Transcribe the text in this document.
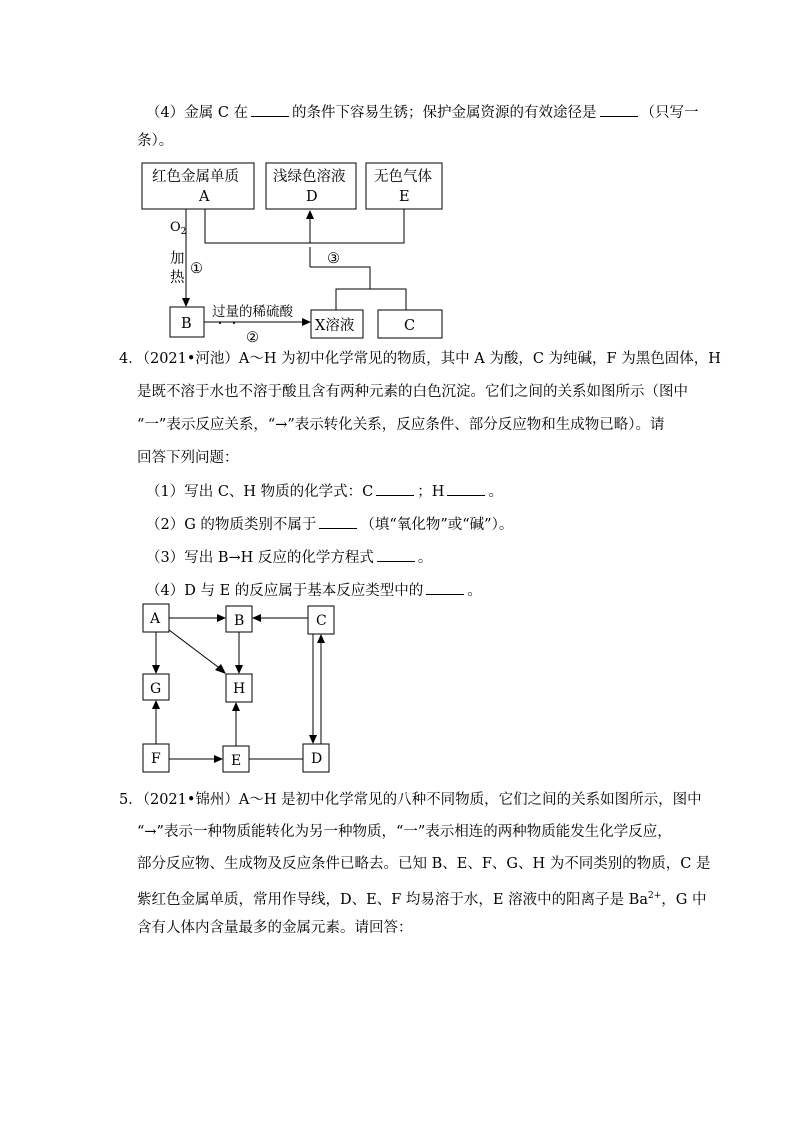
（4）金属 C 在	的条件下容易生锈；保护金属资源的有效途径是	（只写一
条）。
红色金属单质
A
浅绿色溶液
D
无色气体
E
B	X溶液	C
$O_2$
加
热
①
③
过量的稀硫酸
②
4．（2021•河池）A～H 为初中化学常见的物质，其中 A 为酸，C 为纯碱，F 为黑色固体，H
是既不溶于水也不溶于酸且含有两种元素的白色沉淀。它们之间的关系如图所示（图中
“一”表示反应关系，“→”表示转化关系，反应条件、部分反应物和生成物已略）。请
回答下列问题：
（1）写出 C、H 物质的化学式：C	；H	。
（2）G 的物质类别不属于	（填“氧化物”或“碱”）。
（3）写出 B→H 反应的化学方程式	。
（4）D 与 E 的反应属于基本反应类型中的	。
A	B	C
G	H
F	E	D
5．（2021•锦州）A～H 是初中化学常见的八种不同物质，它们之间的关系如图所示，图中
“→”表示一种物质能转化为另一种物质，“一”表示相连的两种物质能发生化学反应，
部分反应物、生成物及反应条件已略去。已知 B、E、F、G、H 为不同类别的物质，C 是
紫红色金属单质，常用作导线，D、E、F 均易溶于水，E 溶液中的阳离子是 $Ba^{2+}$，G 中
含有人体内含量最多的金属元素。请回答：
